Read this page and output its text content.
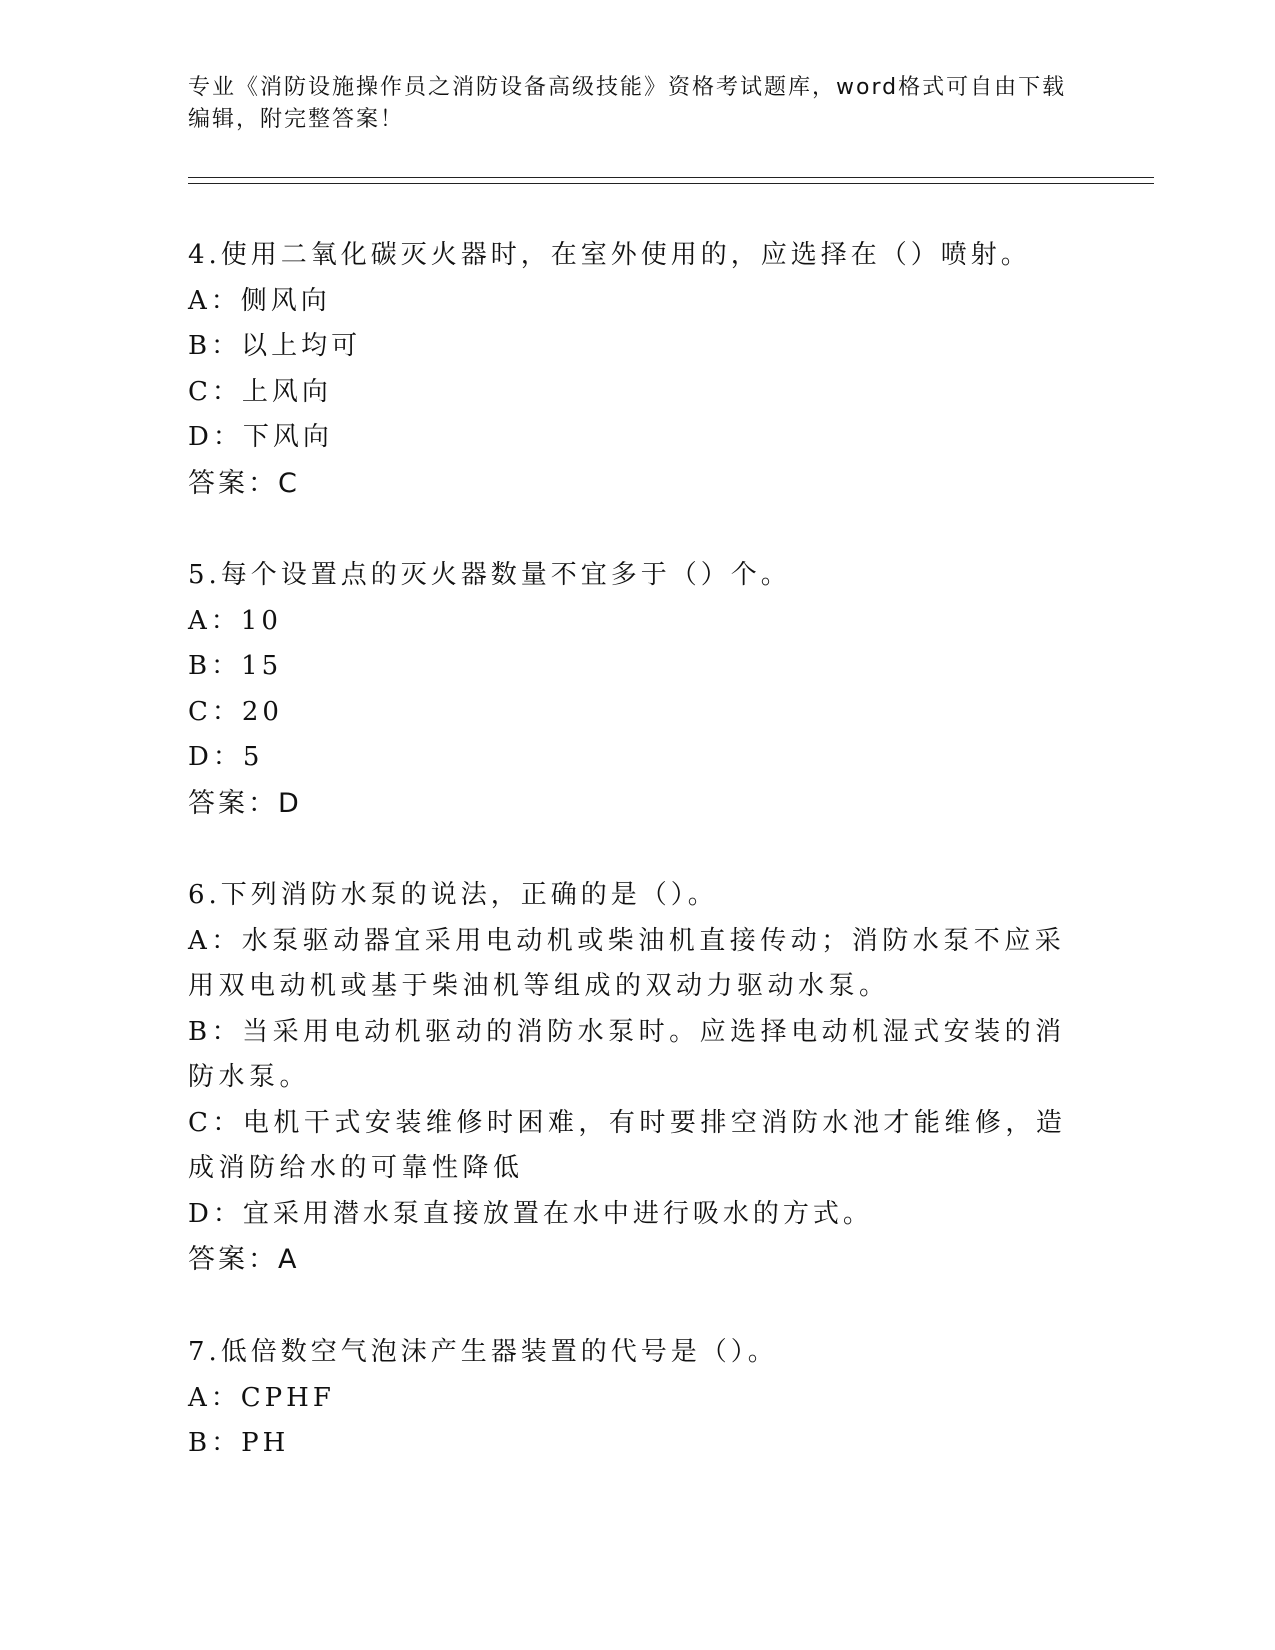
专业《消防设施操作员之消防设备高级技能》资格考试题库，word格式可自由下载编辑，附完整答案！
4.使用二氧化碳灭火器时，在室外使用的，应选择在（）喷射。
A：侧风向
B：以上均可
C：上风向
D：下风向
答案：C
5.每个设置点的灭火器数量不宜多于（）个。
A：10
B：15
C：20
D：5
答案：D
6.下列消防水泵的说法，正确的是（）。
A：水泵驱动器宜采用电动机或柴油机直接传动；消防水泵不应采用双电动机或基于柴油机等组成的双动力驱动水泵。
B：当采用电动机驱动的消防水泵时。应选择电动机湿式安装的消防水泵。
C：电机干式安装维修时困难，有时要排空消防水池才能维修，造成消防给水的可靠性降低
D：宜采用潜水泵直接放置在水中进行吸水的方式。
答案：A
7.低倍数空气泡沫产生器装置的代号是（）。
A：CPHF
B：PH
